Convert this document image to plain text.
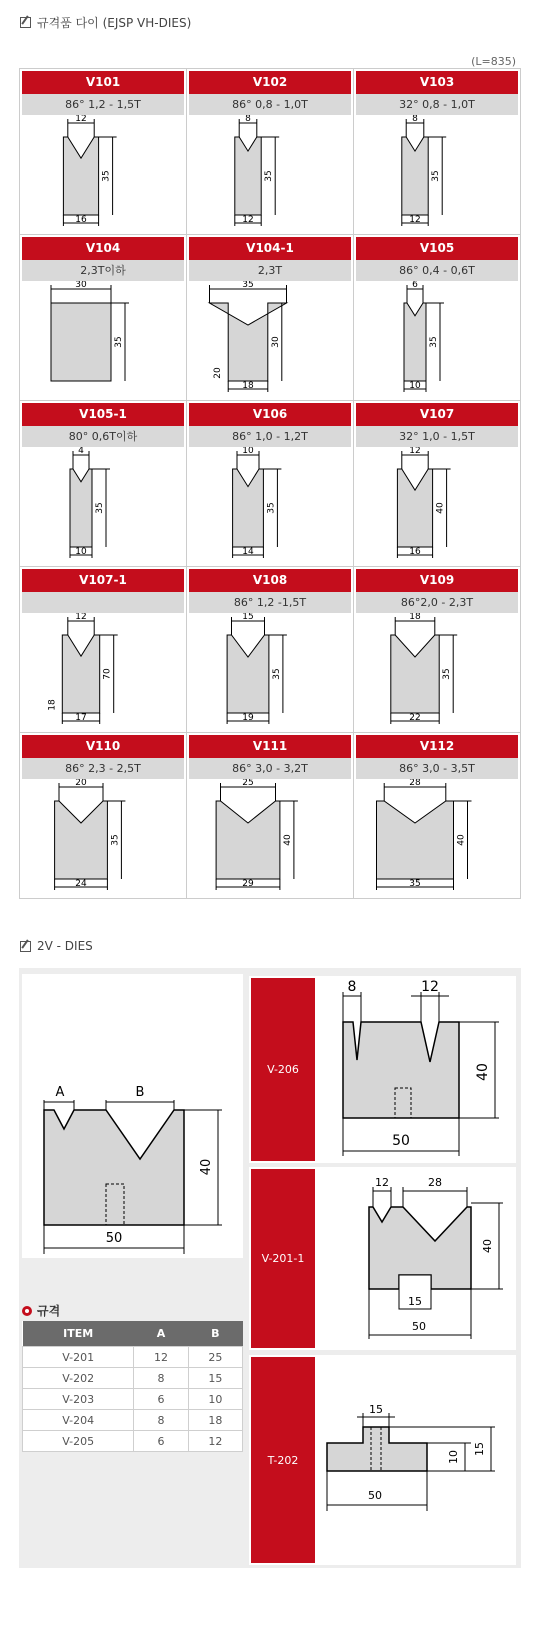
규격품 다이 (EJSP VH-DIES)
(L=835)
V101
86° 1,2 - 1,5T
12
35
16
V102
86° 0,8 - 1,0T
8
35
12
V103
32° 0,8 - 1,0T
8
35
12
V104
2,3T이하
30
35
V104-1
2,3T
35
30
18
20
V105
86° 0,4 - 0,6T
6
35
10
V105-1
80° 0,6T이하
4
35
10
V106
86° 1,0 - 1,2T
10
35
14
V107
32° 1,0 - 1,5T
12
40
16
V107-1
12
70
17
18
V108
86° 1,2 -1,5T
15
35
19
V109
86°2,0 - 2,3T
18
35
22
V110
86° 2,3 - 2,5T
20
35
24
V111
86° 3,0 - 3,2T
25
40
29
V112
86° 3,0 - 3,5T
28
40
35
2V - DIES
A	B
40
50
규격
ITEM	A	B
V-201	12	25
V-202	8	15
V-203	6	10
V-204	8	18
V-205	6	12
V-206
8	12
40
50
V-201-1
12	28
40
15
50
T-202
15
10
15
50
